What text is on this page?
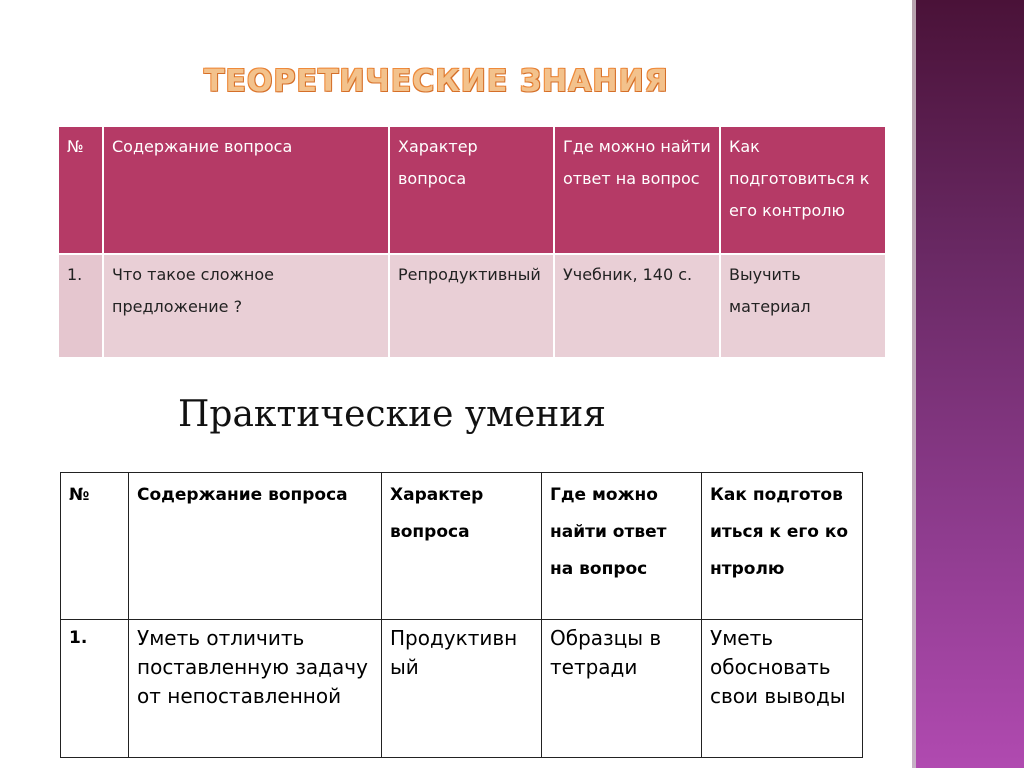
ТЕОРЕТИЧЕСКИЕ ЗНАНИЯ
№	Содержание вопроса	Характер вопроса	Где можно найти ответ на вопрос	Как подготовиться к его контролю
1.	Что такое сложное предложение ?	Репродуктивный	Учебник, 140 с.	Выучить материал
Практические умения
№	Содержание вопроса	Характер вопроса	Где можно найти ответ на вопрос	Как подготовиться к его контролю
1.	Уметь отличить поставленную задачу от непоставленной	Продуктивный	Образцы в тетради	Уметь обосновать свои выводы
